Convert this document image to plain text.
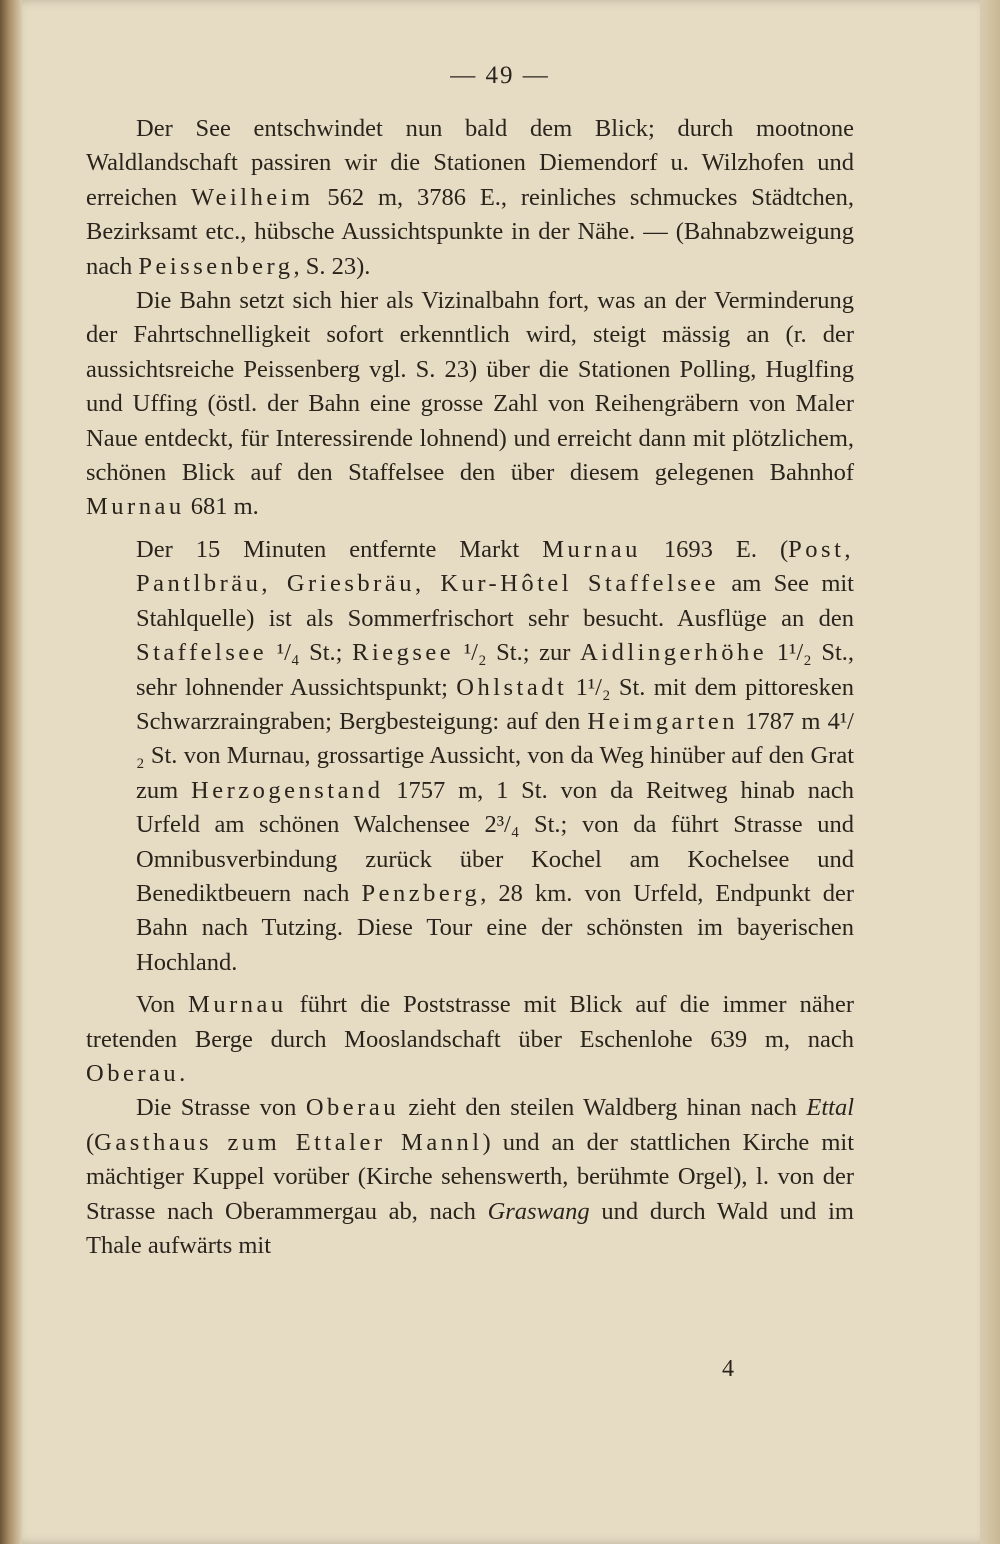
— 49 —

Der See entschwindet nun bald dem Blick; durch mootnone Waldlandschaft passiren wir die Stationen Diemendorf u. Wilzhofen und erreichen Weilheim 562 m, 3786 E., reinliches schmuckes Städtchen, Bezirksamt etc., hübsche Aussichtspunkte in der Nähe. — (Bahnabzweigung nach Peissenberg, S. 23).

Die Bahn setzt sich hier als Vizinalbahn fort, was an der Verminderung der Fahrtschnelligkeit sofort erkenntlich wird, steigt mässig an (r. der aussichtsreiche Peissenberg vgl. S. 23) über die Stationen Polling, Huglfing und Uffing (östl. der Bahn eine grosse Zahl von Reihengräbern von Maler Naue entdeckt, für Interessirende lohnend) und erreicht dann mit plötzlichem, schönen Blick auf den Staffelsee den über diesem gelegenen Bahnhof Murnau 681 m.

Der 15 Minuten entfernte Markt Murnau 1693 E. (Post, Pantlbräu, Griesbräu, Kur-Hôtel Staffelsee am See mit Stahlquelle) ist als Sommerfrischort sehr besucht. Ausflüge an den Staffelsee ¹/₄ St.; Riegsee ¹/₂ St.; zur Aidlingerhöhe 1¹/₂ St., sehr lohnender Aussichtspunkt; Ohlstadt 1¹/₂ St. mit dem pittoresken Schwarzraingraben; Bergbesteigung: auf den Heimgarten 1787 m 4¹/₂ St. von Murnau, grossartige Aussicht, von da Weg hinüber auf den Grat zum Herzogenstand 1757 m, 1 St. von da Reitweg hinab nach Urfeld am schönen Walchensee 2³/₄ St.; von da führt Strasse und Omnibusverbindung zurück über Kochel am Kochelsee und Benediktbeuern nach Penzberg, 28 km. von Urfeld, Endpunkt der Bahn nach Tutzing. Diese Tour eine der schönsten im bayerischen Hochland.

Von Murnau führt die Poststrasse mit Blick auf die immer näher tretenden Berge durch Mooslandschaft über Eschenlohe 639 m, nach Oberau.

Die Strasse von Oberau zieht den steilen Waldberg hinan nach Ettal (Gasthaus zum Ettaler Mannl) und an der stattlichen Kirche mit mächtiger Kuppel vorüber (Kirche sehenswerth, berühmte Orgel), l. von der Strasse nach Oberammergau ab, nach Graswang und durch Wald und im Thale aufwärts mit

4
